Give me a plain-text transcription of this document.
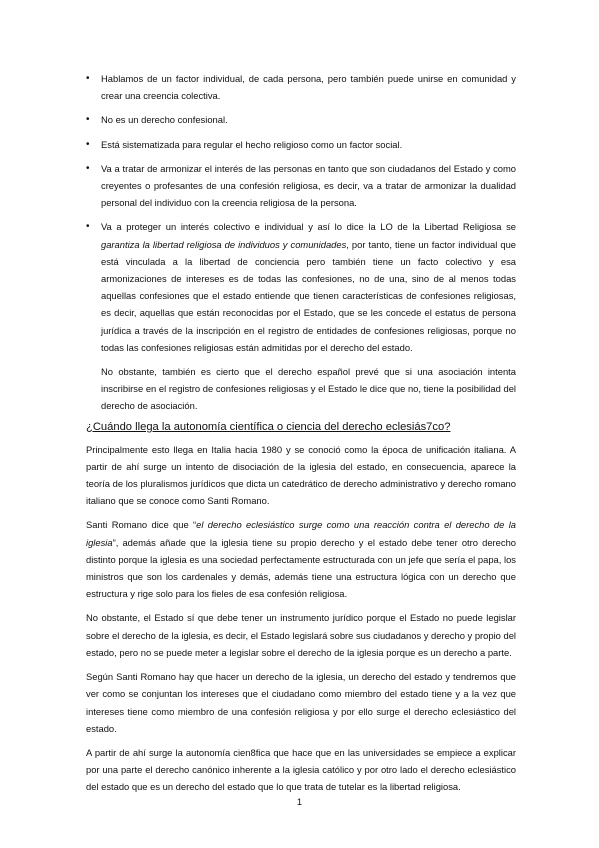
• Hablamos de un factor individual, de cada persona, pero también puede unirse en comunidad y crear una creencia colectiva.
• No es un derecho confesional.
• Está sistematizada para regular el hecho religioso como un factor social.
• Va a tratar de armonizar el interés de las personas en tanto que son ciudadanos del Estado y como creyentes o profesantes de una confesión religiosa, es decir, va a tratar de armonizar la dualidad personal del individuo con la creencia religiosa de la persona.
• Va a proteger un interés colectivo e individual y así lo dice la LO de la Libertad Religiosa se garantiza la libertad religiosa de individuos y comunidades, por tanto, tiene un factor individual que está vinculada a la libertad de conciencia pero también tiene un facto colectivo y esa armonizaciones de intereses es de todas las confesiones, no de una, sino de al menos todas aquellas confesiones que el estado entiende que tienen características de confesiones religiosas, es decir, aquellas que están reconocidas por el Estado, que se les concede el estatus de persona jurídica a través de la inscripción en el registro de entidades de confesiones religiosas, porque no todas las confesiones religiosas están admitidas por el derecho del estado.

No obstante, también es cierto que el derecho español prevé que si una asociación intenta inscribirse en el registro de confesiones religiosas y el Estado le dice que no, tiene la posibilidad del derecho de asociación.

¿Cuándo llega la autonomía científica o ciencia del derecho eclesiás7co?

Principalmente esto llega en Italia hacia 1980 y se conoció como la época de unificación italiana. A partir de ahí surge un intento de disociación de la iglesia del estado, en consecuencia, aparece la teoría de los pluralismos jurídicos que dicta un catedrático de derecho administrativo y derecho romano italiano que se conoce como Santi Romano.

Santi Romano dice que “el derecho eclesiástico surge como una reacción contra el derecho de la iglesia”, además añade que la iglesia tiene su propio derecho y el estado debe tener otro derecho distinto porque la iglesia es una sociedad perfectamente estructurada con un jefe que sería el papa, los ministros que son los cardenales y demás, además tiene una estructura lógica con un derecho que estructura y rige solo para los fieles de esa confesión religiosa.

No obstante, el Estado sí que debe tener un instrumento jurídico porque el Estado no puede legislar sobre el derecho de la iglesia, es decir, el Estado legislará sobre sus ciudadanos y derecho y propio del estado, pero no se puede meter a legislar sobre el derecho de la iglesia porque es un derecho a parte.

Según Santi Romano hay que hacer un derecho de la iglesia, un derecho del estado y tendremos que ver como se conjuntan los intereses que el ciudadano como miembro del estado tiene y a la vez que intereses tiene como miembro de una confesión religiosa y por ello surge el derecho eclesiástico del estado.

A partir de ahí surge la autonomía cien8fica que hace que en las universidades se empiece a explicar por una parte el derecho canónico inherente a la iglesia católico y por otro lado el derecho eclesiástico del estado que es un derecho del estado que lo que trata de tutelar es la libertad religiosa.

1
